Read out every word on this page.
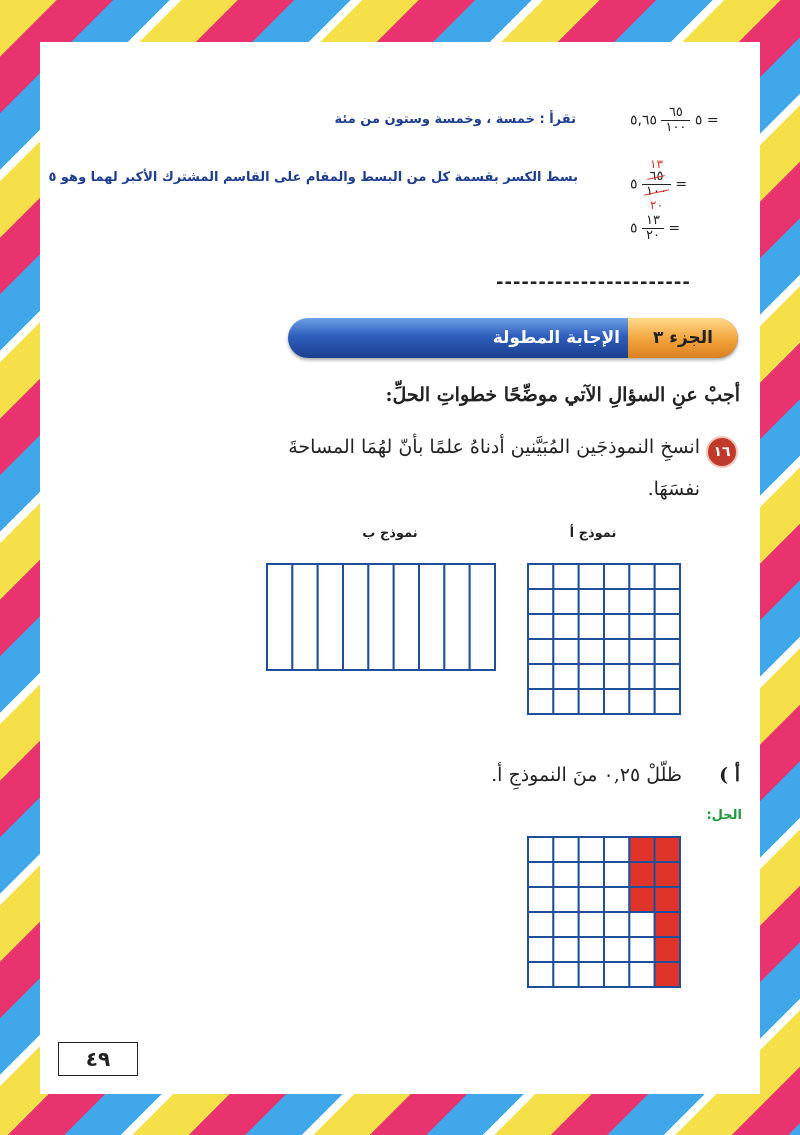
٥
$\frac{٦٥}{١٠٠}$
٥,٦٥ =
تقرأ : خمسة ، وخمسة وستون من مئة
٥
١٣
٦٥
١٠٠
٢٠
=
بسط الكسر بقسمة كل من البسط والمقام على القاسم المشترك الأكبر لهما وهو ٥
٥ $\frac{١٣}{٢٠}$ =
-----------------------
الجزء ٣
الإجابة المطولة
أجبْ عنِ السؤالِ الآتي موضِّحًا خطواتِ الحلِّ:
١٦
انسخِ النموذجَين المُبَيَّنين أدناهُ علمًا بأنّ لهُمَا المساحةَ
نفسَهَا.
نموذج أ
نموذج ب
أ )
ظلّلْ ٠,٢٥ منَ النموذجِ أ.
الحل:
٤٩
